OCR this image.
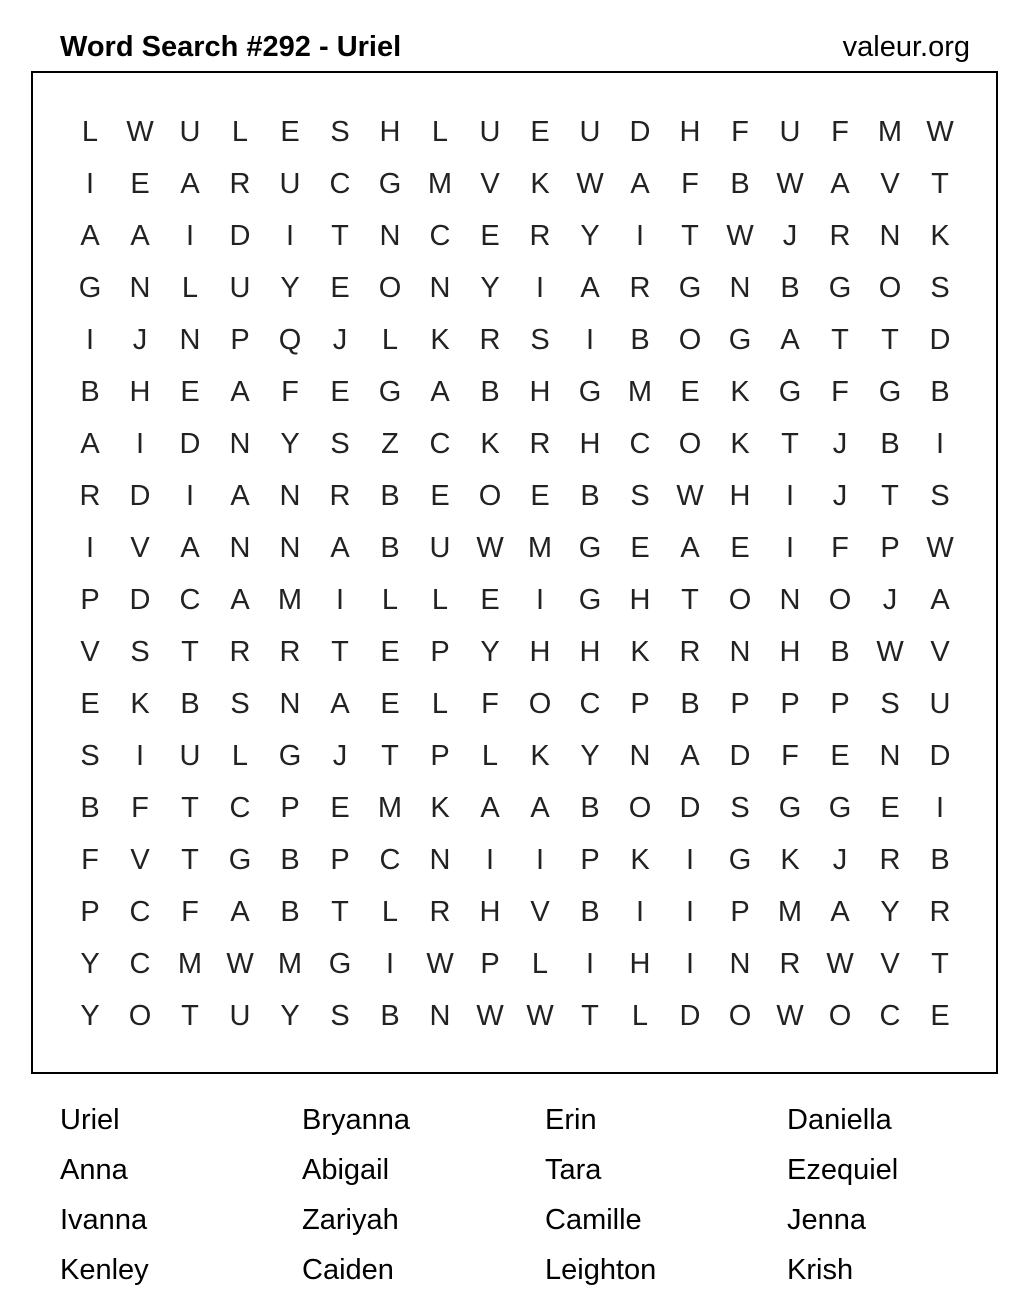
Word Search #292 - Uriel	valeur.org
L W U	L	E	S	H	L	U	E	U	D	H	F	U	F	M W
I	E	A	R	U	C G M V	K W A	F	B W A	V	T
A	A	I	D	I	T	N	C	E	R	Y	I	T W	J	R	N	K
G N	L	U	Y	E	O N	Y	I	A	R G N	B	G O	S
I	J	N	P	Q	J	L	K	R	S	I	B	O G	A	T	T	D
B	H	E	A	F	E	G	A	B	H G M E	K	G	F	G	B
A	I	D	N	Y	S	Z	C	K	R	H	C O	K	T	J	B	I
R	D	I	A	N	R	B	E	O	E	B	S W H	I	J	T	S
I	V	A	N	N	A	B	U W M G	E	A	E	I	F	P W
P	D	C	A M	I	L	L	E	I	G H	T	O N O	J	A
V	S	T	R	R	T	E	P	Y	H	H	K	R	N	H	B W V
E	K	B	S	N	A	E	L	F	O C	P	B	P	P	P	S	U
S	I	U	L	G	J	T	P	L	K	Y	N	A	D	F	E	N	D
B	F	T	C	P	E M K	A	A	B	O D	S	G G	E	I
F	V	T	G	B	P	C	N	I	I	P	K	I	G	K	J	R	B
P	C	F	A	B	T	L	R	H	V	B	I	I	P M A	Y	R
Y	C M W M G	I	W P	L	I	H	I	N	R W V	T
Y	O	T	U	Y	S	B	N W W T	L	D O W O C	E
Uriel	Bryanna	Erin	Daniella
Anna	Abigail	Tara	Ezequiel
Ivanna	Zariyah	Camille	Jenna
Kenley	Caiden	Leighton	Krish
